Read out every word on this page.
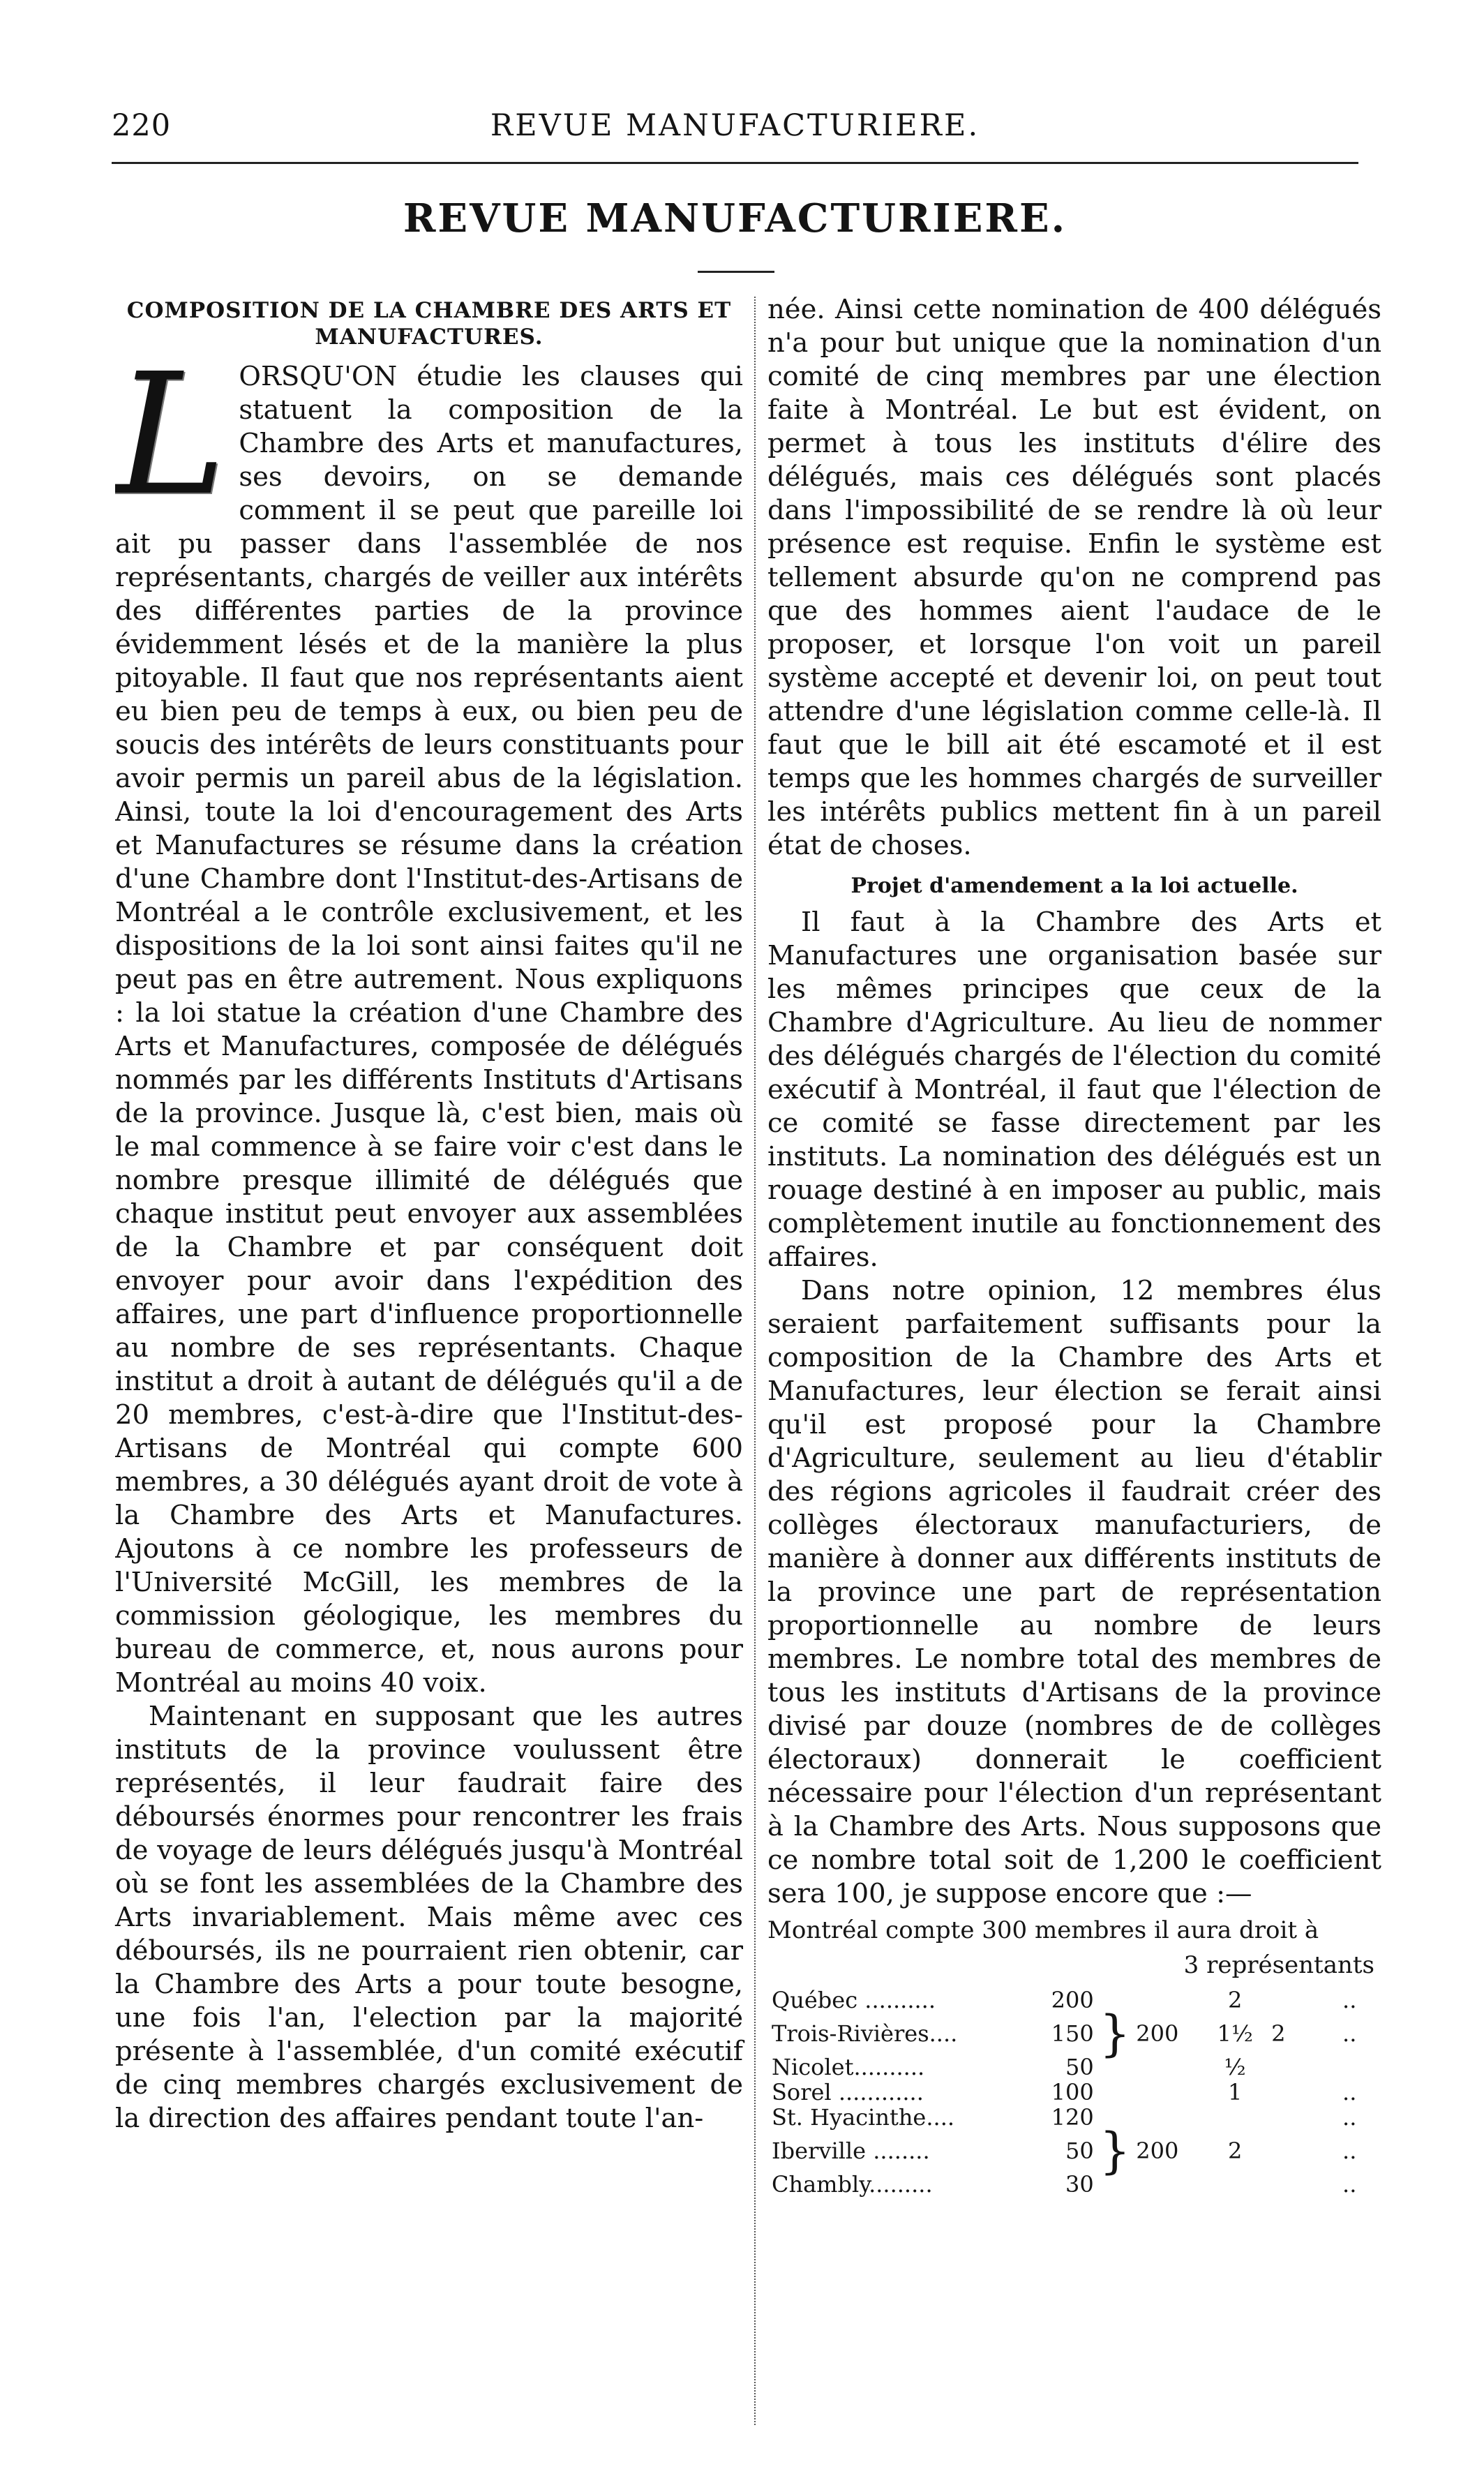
220	REVUE MANUFACTURIERE.
REVUE MANUFACTURIERE.

COMPOSITION DE LA CHAMBRE DES ARTS ET MANUFACTURES.

L ORSQU'ON étudie les clauses qui statuent la composition de la Chambre des Arts et manufactures, ses devoirs, on se demande comment il se peut que pareille loi ait pu passer dans l'assemblée de nos représentants, chargés de veiller aux intérêts des différentes parties de la province évidemment lésés et de la manière la plus pitoyable. Il faut que nos représentants aient eu bien peu de temps à eux, ou bien peu de soucis des intérêts de leurs constituants pour avoir permis un pareil abus de la législation. Ainsi, toute la loi d'encouragement des Arts et Manufactures se résume dans la création d'une Chambre dont l'Institut-des-Artisans de Montréal a le contrôle exclusivement, et les dispositions de la loi sont ainsi faites qu'il ne peut pas en être autrement. Nous expliquons : la loi statue la création d'une Chambre des Arts et Manufactures, composée de délégués nommés par les différents Instituts d'Artisans de la province. Jusque là, c'est bien, mais où le mal commence à se faire voir c'est dans le nombre presque illimité de délégués que chaque institut peut envoyer aux assemblées de la Chambre et par conséquent doit envoyer pour avoir dans l'expédition des affaires, une part d'influence proportionnelle au nombre de ses représentants. Chaque institut a droit à autant de délégués qu'il a de 20 membres, c'est-à-dire que l'Institut-des-Artisans de Montréal qui compte 600 membres, a 30 délégués ayant droit de vote à la Chambre des Arts et Manufactures. Ajoutons à ce nombre les professeurs de l'Université McGill, les membres de la commission géologique, les membres du bureau de commerce, et, nous aurons pour Montréal au moins 40 voix.

Maintenant en supposant que les autres instituts de la province voulussent être représentés, il leur faudrait faire des déboursés énormes pour rencontrer les frais de voyage de leurs délégués jusqu'à Montréal où se font les assemblées de la Chambre des Arts invariablement. Mais même avec ces déboursés, ils ne pourraient rien obtenir, car la Chambre des Arts a pour toute besogne, une fois l'an, l'election par la majorité présente à l'assemblée, d'un comité exécutif de cinq membres chargés exclusivement de la direction des affaires pendant toute l'an-

née. Ainsi cette nomination de 400 délégués n'a pour but unique que la nomination d'un comité de cinq membres par une élection faite à Montréal. Le but est évident, on permet à tous les instituts d'élire des délégués, mais ces délégués sont placés dans l'impossibilité de se rendre là où leur présence est requise. Enfin le système est tellement absurde qu'on ne comprend pas que des hommes aient l'audace de le proposer, et lorsque l'on voit un pareil système accepté et devenir loi, on peut tout attendre d'une législation comme celle-là. Il faut que le bill ait été escamoté et il est temps que les hommes chargés de surveiller les intérêts publics mettent fin à un pareil état de choses.

Projet d'amendement a la loi actuelle.

Il faut à la Chambre des Arts et Manufactures une organisation basée sur les mêmes principes que ceux de la Chambre d'Agriculture. Au lieu de nommer des délégués chargés de l'élection du comité exécutif à Montréal, il faut que l'élection de ce comité se fasse directement par les instituts. La nomination des délégués est un rouage destiné à en imposer au public, mais complètement inutile au fonctionnement des affaires.

Dans notre opinion, 12 membres élus seraient parfaitement suffisants pour la composition de la Chambre des Arts et Manufactures, leur élection se ferait ainsi qu'il est proposé pour la Chambre d'Agriculture, seulement au lieu d'établir des régions agricoles il faudrait créer des collèges électoraux manufacturiers, de manière à donner aux différents instituts de la province une part de représentation proportionnelle au nombre de leurs membres. Le nombre total des membres de tous les instituts d'Artisans de la province divisé par douze (nombres de de collèges électoraux) donnerait le coefficient nécessaire pour l'élection d'un représentant à la Chambre des Arts. Nous supposons que ce nombre total soit de 1,200 le coefficient sera 100, je suppose encore que :—

Montréal compte 300 membres il aura droit à

3 représentants

Québec ..........	200			2		..
Trois-Rivières....	150	}	200	1½	2	..
Nicolet..........	50			½		
Sorel ............	100			1		..
St. Hyacinthe....	120					..
Iberville ........	50	}	200	2		..
Chambly.........	30					..
